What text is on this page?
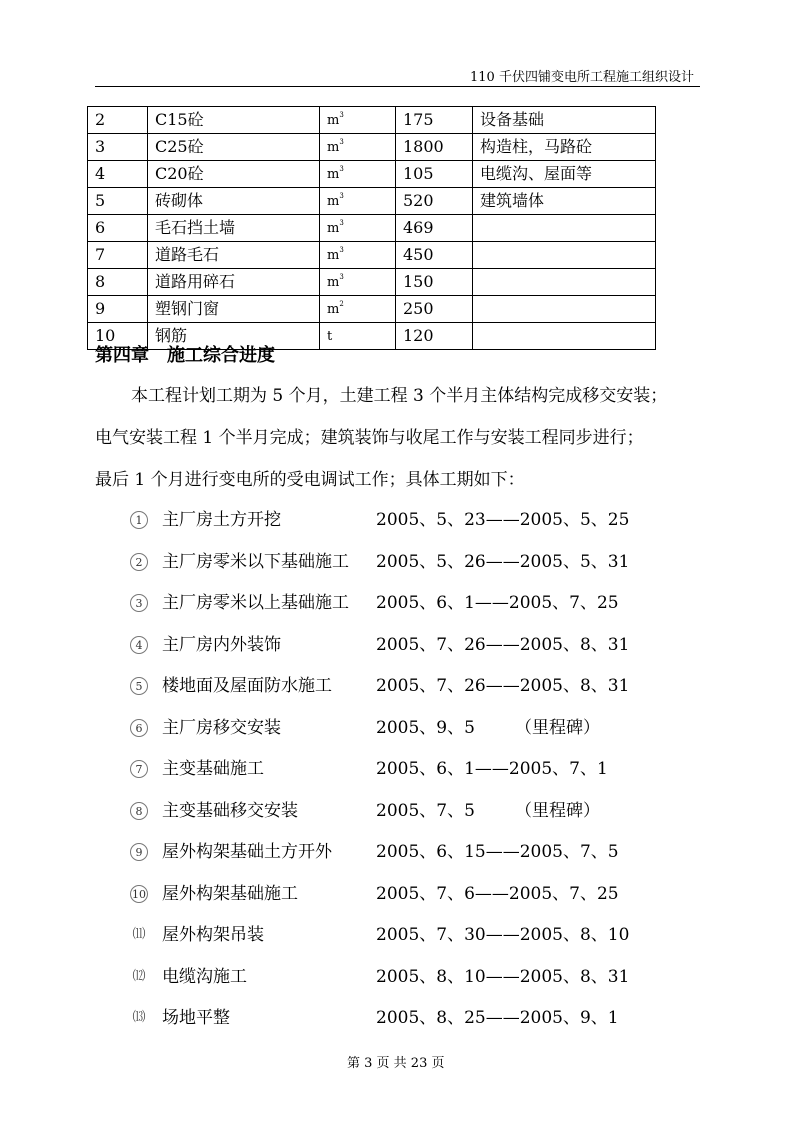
110 千伏四铺变电所工程施工组织设计
2	C15砼	$m^3$	175	设备基础
3	C25砼	$m^3$	1800	构造柱，马路砼
4	C20砼	$m^3$	105	电缆沟、屋面等
5	砖砌体	$m^3$	520	建筑墙体
6	毛石挡土墙	$m^3$	469	
7	道路毛石	$m^3$	450	
8	道路用碎石	$m^3$	150	
9	塑钢门窗	$m^2$	250	
10	钢筋	t	120	
第四章　施工综合进度
本工程计划工期为 5 个月，土建工程 3 个半月主体结构完成移交安装；
电气安装工程 1 个半月完成；建筑装饰与收尾工作与安装工程同步进行；
最后 1 个月进行变电所的受电调试工作；具体工期如下：
1	主厂房土方开挖	2005、5、23——2005、5、25
2	主厂房零米以下基础施工 2005、5、26——2005、5、31
3	主厂房零米以上基础施工 2005、6、1——2005、7、25
4	主厂房内外装饰	2005、7、26——2005、8、31
5	楼地面及屋面防水施工	2005、7、26——2005、8、31
6	主厂房移交安装	2005、9、5 （里程碑）
7	主变基础施工	2005、6、1——2005、7、1
8	主变基础移交安装	2005、7、5 （里程碑）
9	屋外构架基础土方开外	2005、6、15——2005、7、5
10 屋外构架基础施工	2005、7、6——2005、7、25
⑾ 屋外构架吊装	2005、7、30——2005、8、10
⑿ 电缆沟施工	2005、8、10——2005、8、31
⒀ 场地平整	2005、8、25——2005、9、1
第 3 页 共 23 页
